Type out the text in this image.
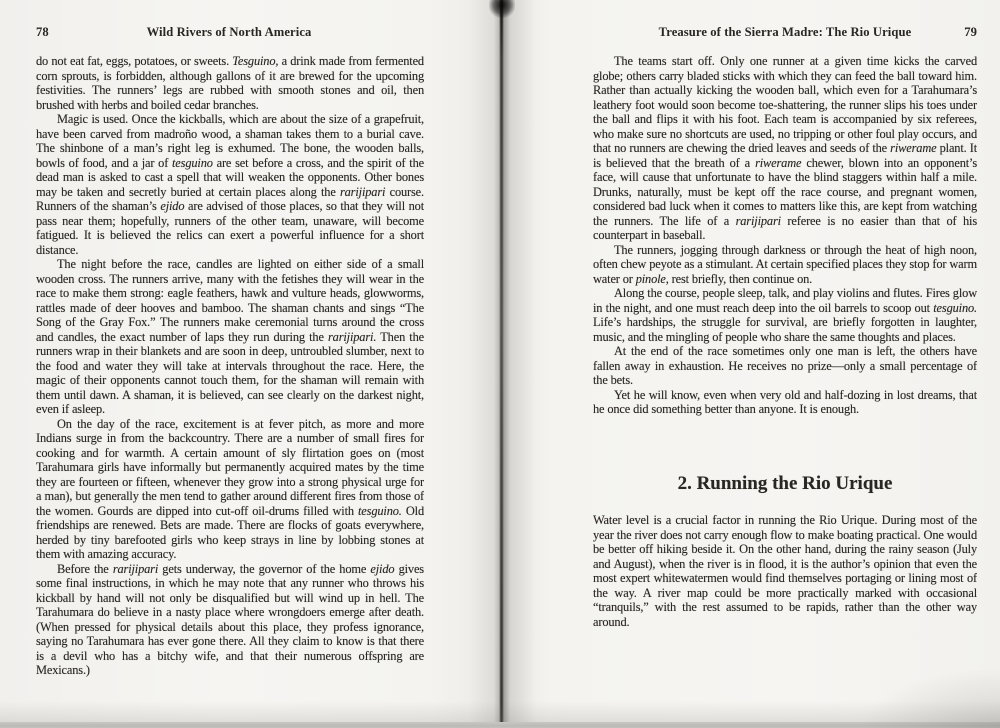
78	Wild Rivers of North America

do not eat fat, eggs, potatoes, or sweets. Tesguino, a drink made from fermented corn sprouts, is forbidden, although gallons of it are brewed for the upcoming festivities. The runners’ legs are rubbed with smooth stones and oil, then brushed with herbs and boiled cedar branches.

Magic is used. Once the kickballs, which are about the size of a grapefruit, have been carved from madroño wood, a shaman takes them to a burial cave. The shinbone of a man’s right leg is exhumed. The bone, the wooden balls, bowls of food, and a jar of tesguino are set before a cross, and the spirit of the dead man is asked to cast a spell that will weaken the opponents. Other bones may be taken and secretly buried at certain places along the rarijipari course. Runners of the shaman’s ejido are advised of those places, so that they will not pass near them; hopefully, runners of the other team, unaware, will become fatigued. It is believed the relics can exert a powerful influence for a short distance.

The night before the race, candles are lighted on either side of a small wooden cross. The runners arrive, many with the fetishes they will wear in the race to make them strong: eagle feathers, hawk and vulture heads, glowworms, rattles made of deer hooves and bamboo. The shaman chants and sings “The Song of the Gray Fox.” The runners make ceremonial turns around the cross and candles, the exact number of laps they run during the rarijipari. Then the runners wrap in their blankets and are soon in deep, untroubled slumber, next to the food and water they will take at intervals throughout the race. Here, the magic of their opponents cannot touch them, for the shaman will remain with them until dawn. A shaman, it is believed, can see clearly on the darkest night, even if asleep.

On the day of the race, excitement is at fever pitch, as more and more Indians surge in from the backcountry. There are a number of small fires for cooking and for warmth. A certain amount of sly flirtation goes on (most Tarahumara girls have informally but permanently acquired mates by the time they are fourteen or fifteen, whenever they grow into a strong physical urge for a man), but generally the men tend to gather around different fires from those of the women. Gourds are dipped into cut-off oil-drums filled with tesguino. Old friendships are renewed. Bets are made. There are flocks of goats everywhere, herded by tiny barefooted girls who keep strays in line by lobbing stones at them with amazing accuracy.

Before the rarijipari gets underway, the governor of the home ejido gives some final instructions, in which he may note that any runner who throws his kickball by hand will not only be disqualified but will wind up in hell. The Tarahumara do believe in a nasty place where wrongdoers emerge after death. (When pressed for physical details about this place, they profess ignorance, saying no Tarahumara has ever gone there. All they claim to know is that there is a devil who has a bitchy wife, and that their numerous offspring are Mexicans.)

Treasure of the Sierra Madre: The Rio Urique	79

The teams start off. Only one runner at a given time kicks the carved globe; others carry bladed sticks with which they can feed the ball toward him. Rather than actually kicking the wooden ball, which even for a Tarahumara’s leathery foot would soon become toe-shattering, the runner slips his toes under the ball and flips it with his foot. Each team is accompanied by six referees, who make sure no shortcuts are used, no tripping or other foul play occurs, and that no runners are chewing the dried leaves and seeds of the riwerame plant. It is believed that the breath of a riwerame chewer, blown into an opponent’s face, will cause that unfortunate to have the blind staggers within half a mile. Drunks, naturally, must be kept off the race course, and pregnant women, considered bad luck when it comes to matters like this, are kept from watching the runners. The life of a rarijipari referee is no easier than that of his counterpart in baseball.

The runners, jogging through darkness or through the heat of high noon, often chew peyote as a stimulant. At certain specified places they stop for warm water or pinole, rest briefly, then continue on.

Along the course, people sleep, talk, and play violins and flutes. Fires glow in the night, and one must reach deep into the oil barrels to scoop out tesguino. Life’s hardships, the struggle for survival, are briefly forgotten in laughter, music, and the mingling of people who share the same thoughts and places.

At the end of the race sometimes only one man is left, the others have fallen away in exhaustion. He receives no prize—only a small percentage of the bets.

Yet he will know, even when very old and half-dozing in lost dreams, that he once did something better than anyone. It is enough.

2. Running the Rio Urique

Water level is a crucial factor in running the Rio Urique. During most of the year the river does not carry enough flow to make boating practical. One would be better off hiking beside it. On the other hand, during the rainy season (July and August), when the river is in flood, it is the author’s opinion that even the most expert whitewatermen would find themselves portaging or lining most of the way. A river map could be more practically marked with occasional “tranquils,” with the rest assumed to be rapids, rather than the other way around.
